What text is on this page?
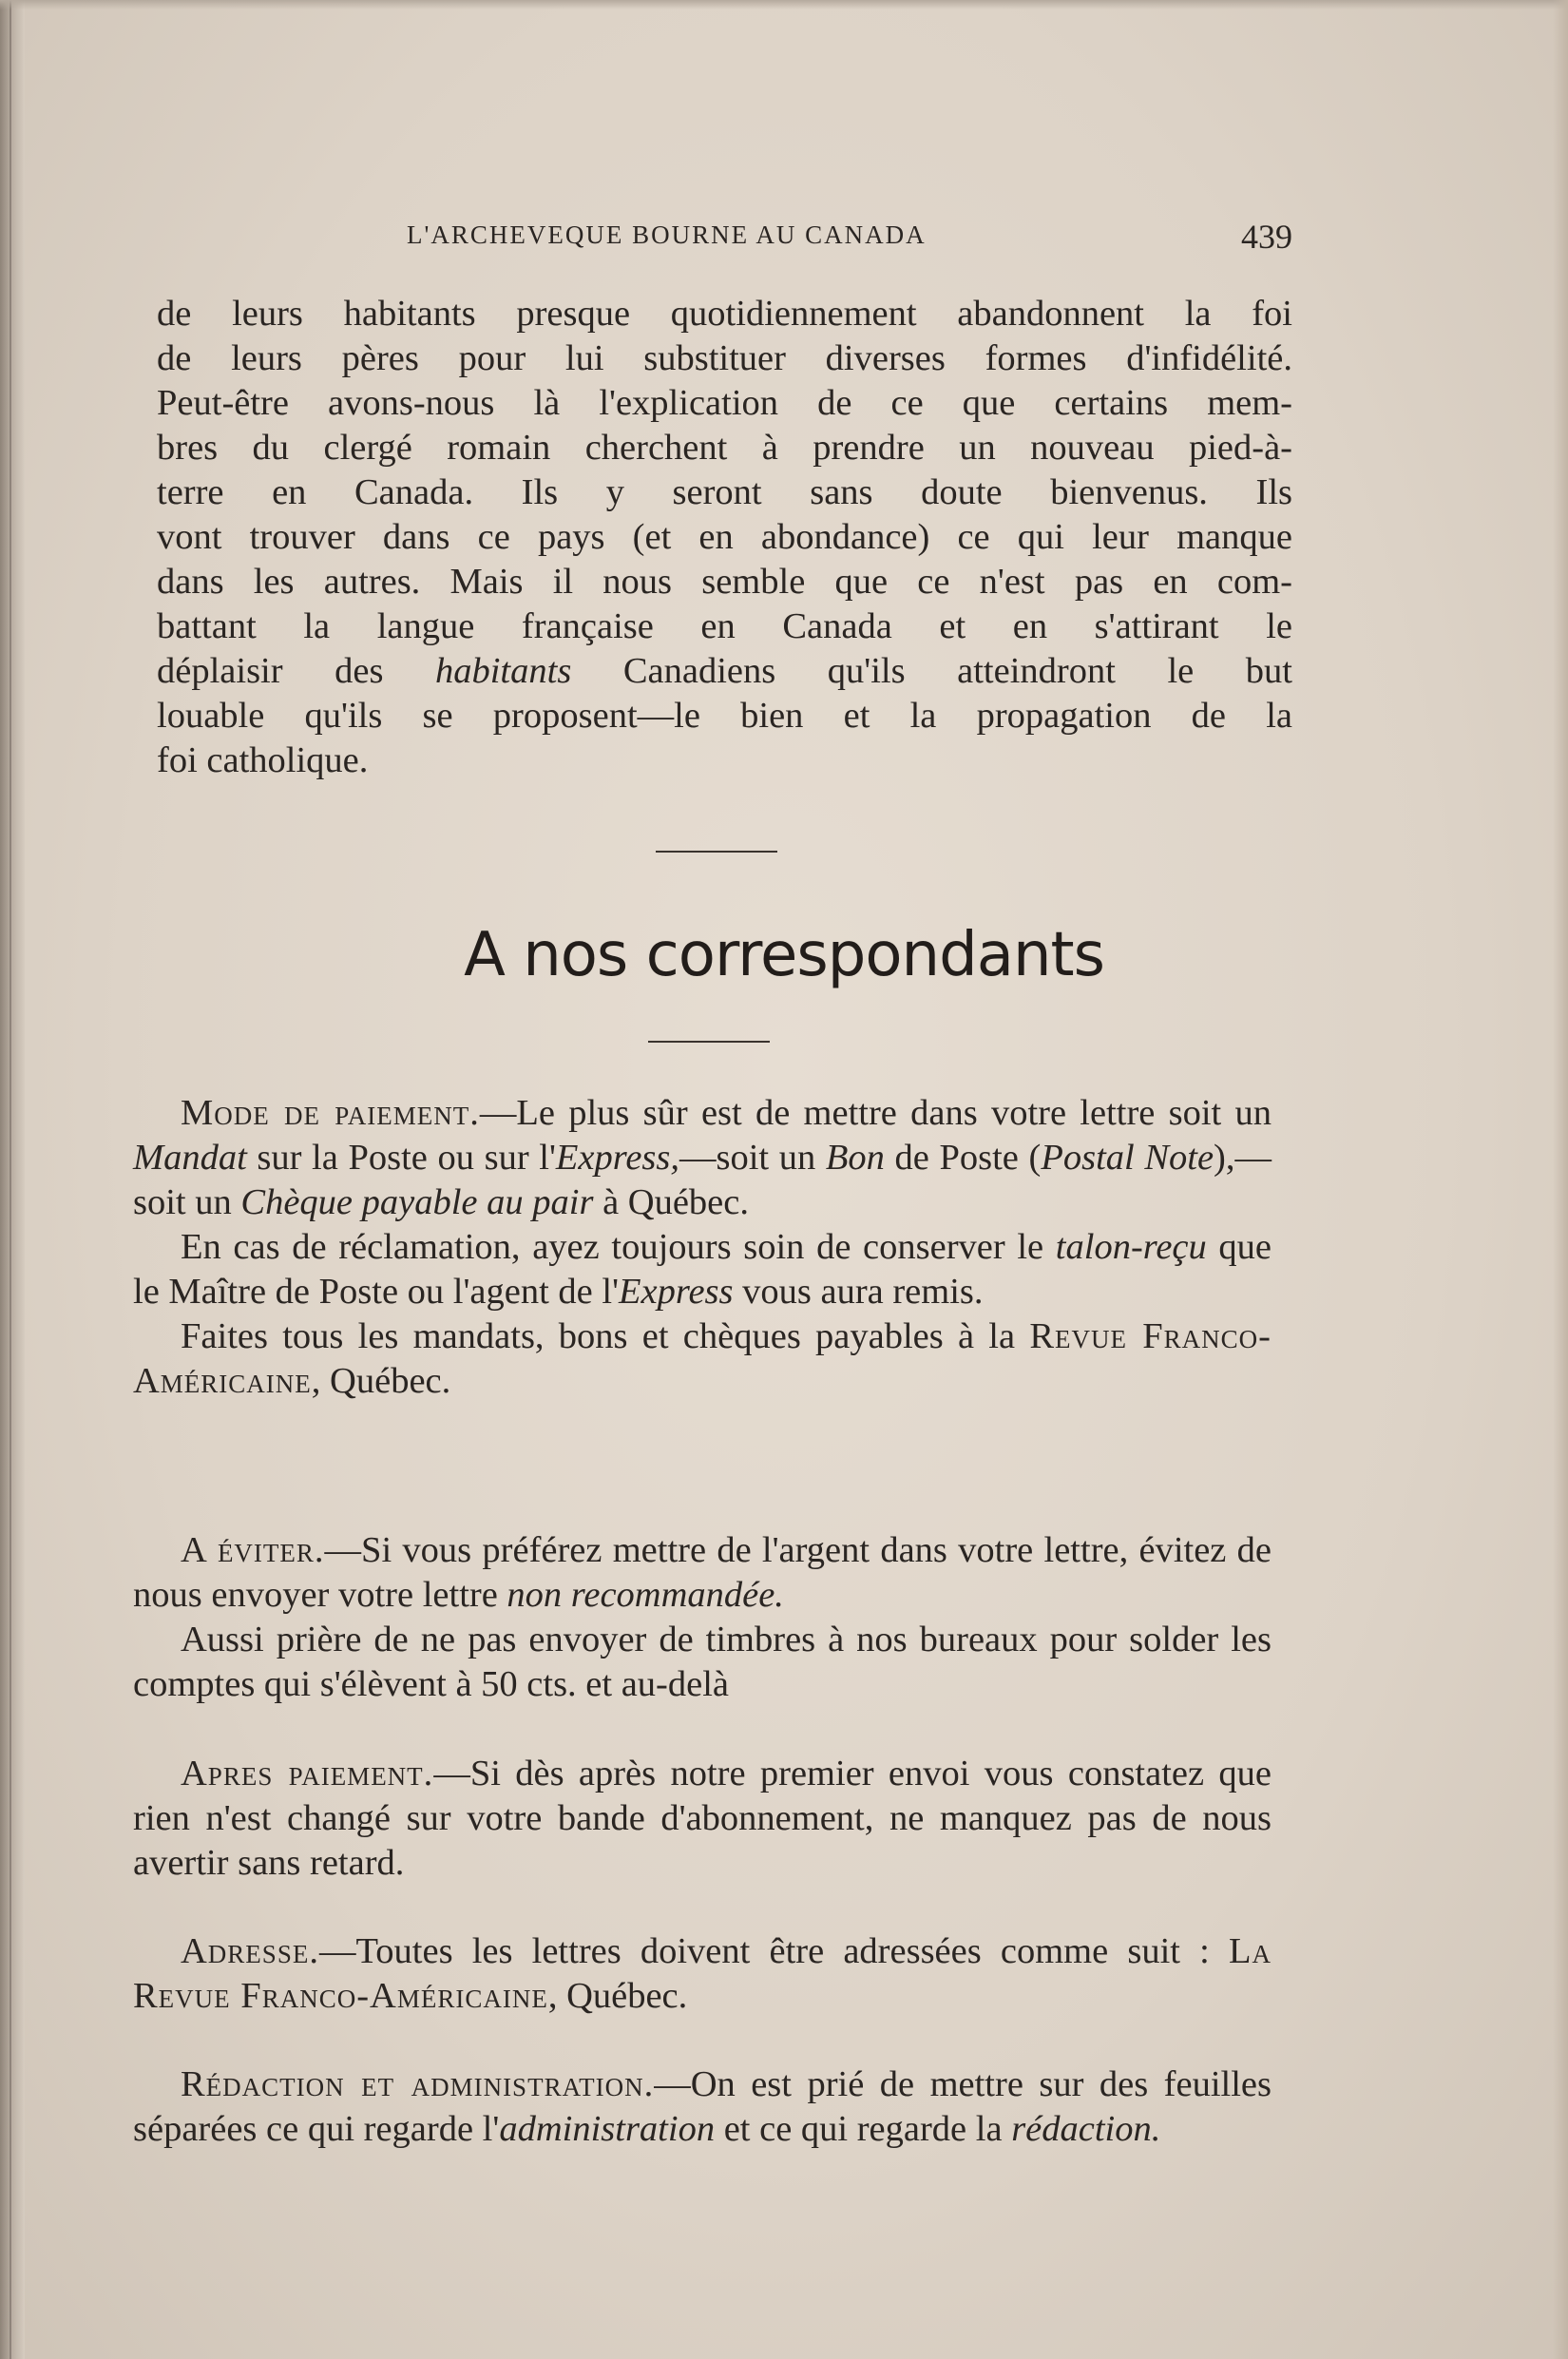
L'ARCHEVEQUE BOURNE AU CANADA	439
de leurs habitants presque quotidiennement abandonnent la foi
de leurs pères pour lui substituer diverses formes d'infidélité.
Peut-être avons-nous là l'explication de ce que certains mem-
bres du clergé romain cherchent à prendre un nouveau pied-à-
terre en Canada. Ils y seront sans doute bienvenus. Ils
vont trouver dans ce pays (et en abondance) ce qui leur manque
dans les autres. Mais il nous semble que ce n'est pas en com-
battant la langue française en Canada et en s'attirant le
déplaisir des habitants Canadiens qu'ils atteindront le but
louable qu'ils se proposent—le bien et la propagation de la
foi catholique.
A nos correspondants

Mode de paiement.—Le plus sûr est de mettre dans votre lettre soit un Mandat sur la Poste ou sur l'Express,—soit un Bon de Poste (Postal Note),—soit un Chèque payable au pair à Québec.

En cas de réclamation, ayez toujours soin de conserver le talon-reçu que le Maître de Poste ou l'agent de l'Express vous aura remis.

Faites tous les mandats, bons et chèques payables à la Revue Franco-Américaine, Québec.

A éviter.—Si vous préférez mettre de l'argent dans votre lettre, évitez de nous envoyer votre lettre non recommandée.

Aussi prière de ne pas envoyer de timbres à nos bureaux pour solder les comptes qui s'élèvent à 50 cts. et au-delà

Apres paiement.—Si dès après notre premier envoi vous constatez que rien n'est changé sur votre bande d'abonnement, ne manquez pas de nous avertir sans retard.

Adresse.—Toutes les lettres doivent être adressées comme suit : La Revue Franco-Américaine, Québec.

Rédaction et administration.—On est prié de mettre sur des feuilles séparées ce qui regarde l'administration et ce qui regarde la rédaction.
